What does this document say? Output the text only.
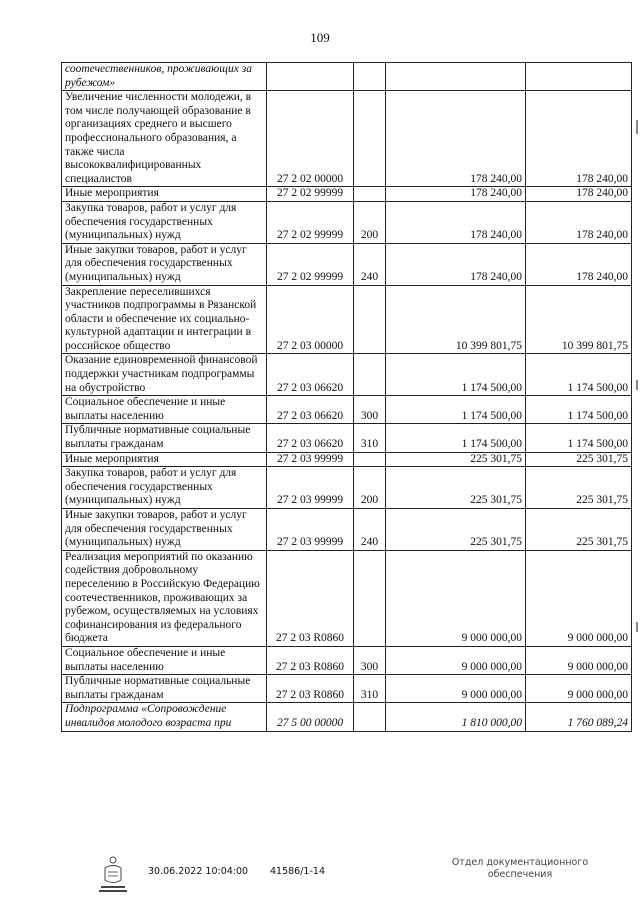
109
соотечественников, проживающих за рубежом»				
Увеличение численности молодежи, в том числе получающей образование в организациях среднего и высшего профессионального образования, а также числа высококвалифицированных специалистов	27 2 02 00000		178 240,00	178 240,00
Иные мероприятия	27 2 02 99999		178 240,00	178 240,00
Закупка товаров, работ и услуг для обеспечения государственных (муниципальных) нужд	27 2 02 99999	200	178 240,00	178 240,00
Иные закупки товаров, работ и услуг для обеспечения государственных (муниципальных) нужд	27 2 02 99999	240	178 240,00	178 240,00
Закрепление переселившихся участников подпрограммы в Рязанской области и обеспечение их социально-культурной адаптации и интеграции в российское общество	27 2 03 00000		10 399 801,75	10 399 801,75
Оказание единовременной финансовой поддержки участникам подпрограммы на обустройство	27 2 03 06620		1 174 500,00	1 174 500,00
Социальное обеспечение и иные выплаты населению	27 2 03 06620	300	1 174 500,00	1 174 500,00
Публичные нормативные социальные выплаты гражданам	27 2 03 06620	310	1 174 500,00	1 174 500,00
Иные мероприятия	27 2 03 99999		225 301,75	225 301,75
Закупка товаров, работ и услуг для обеспечения государственных (муниципальных) нужд	27 2 03 99999	200	225 301,75	225 301,75
Иные закупки товаров, работ и услуг для обеспечения государственных (муниципальных) нужд	27 2 03 99999	240	225 301,75	225 301,75
Реализация мероприятий по оказанию содействия добровольному переселению в Российскую Федерацию соотечественников, проживающих за рубежом, осуществляемых на условиях софинансирования из федерального бюджета	27 2 03 R0860		9 000 000,00	9 000 000,00
Социальное обеспечение и иные выплаты населению	27 2 03 R0860	300	9 000 000,00	9 000 000,00
Публичные нормативные социальные выплаты гражданам	27 2 03 R0860	310	9 000 000,00	9 000 000,00
Подпрограмма «Сопровождение инвалидов молодого возраста при	27 5 00 00000		1 810 000,00	1 760 089,24
30.06.2022 10:04:00 41586/1-14
Отдел документационного
обеспечения
